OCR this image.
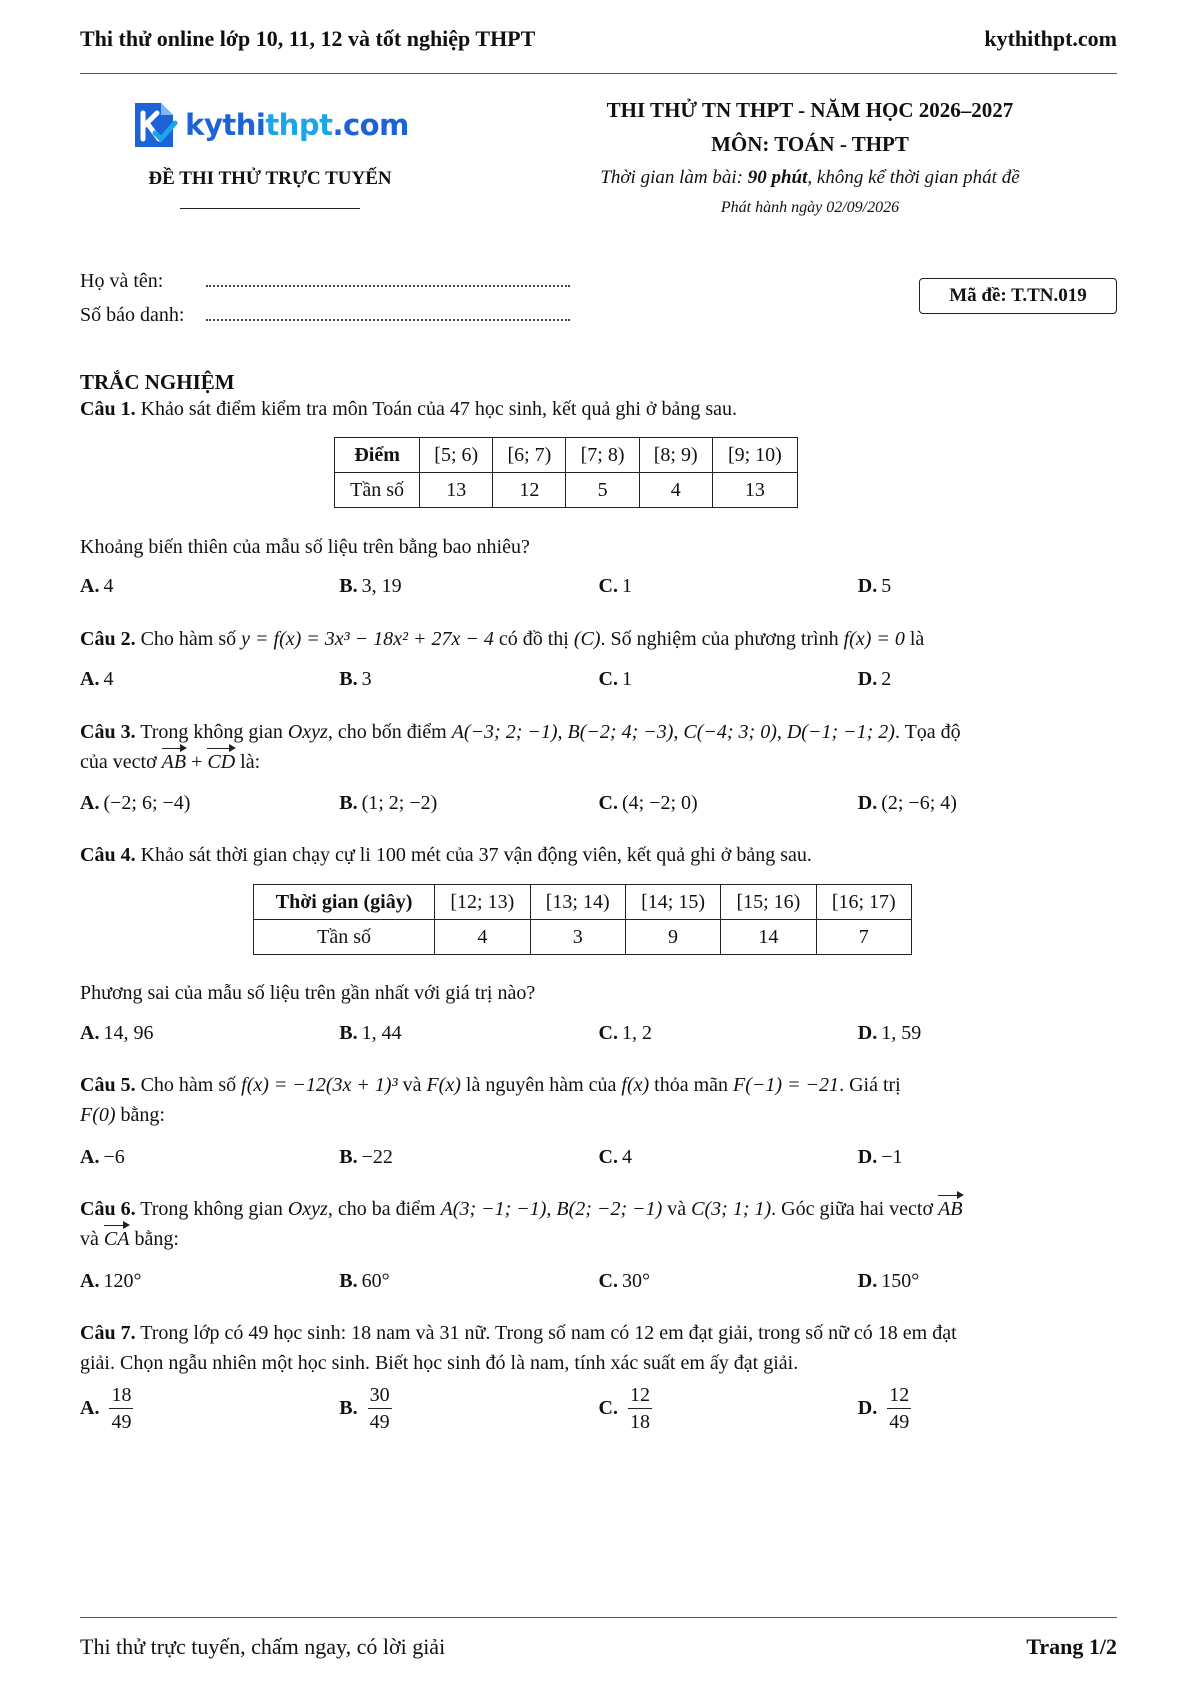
Thi thử online lớp 10, 11, 12 và tốt nghiệp THPT	kythithpt.com
kythithpt.com
ĐỀ THI THỬ TRỰC TUYẾN
THI THỬ TN THPT - NĂM HỌC 2026–2027
MÔN: TOÁN - THPT
Thời gian làm bài: 90 phút, không kể thời gian phát đề
Phát hành ngày 02/09/2026
Họ và tên:
Số báo danh:
Mã đề: T.TN.019
TRẮC NGHIỆM
Câu 1. Khảo sát điểm kiểm tra môn Toán của 47 học sinh, kết quả ghi ở bảng sau.
Điểm	[5; 6)	[6; 7)	[7; 8)	[8; 9)	[9; 10)
Tần số	13	12	5	4	13
Khoảng biến thiên của mẫu số liệu trên bằng bao nhiêu?
A. 4	B. 3, 19	C. 1	D. 5
Câu 2. Cho hàm số y = f(x) = 3x³ − 18x² + 27x − 4 có đồ thị (C). Số nghiệm của phương trình f(x) = 0 là
A. 4	B. 3	C. 1	D. 2
Câu 3. Trong không gian Oxyz, cho bốn điểm A(−3; 2; −1), B(−2; 4; −3), C(−4; 3; 0), D(−1; −1; 2). Tọa độ
của vectơ AB + CD là:
A. (−2; 6; −4)	B. (1; 2; −2)	C. (4; −2; 0)	D. (2; −6; 4)
Câu 4. Khảo sát thời gian chạy cự li 100 mét của 37 vận động viên, kết quả ghi ở bảng sau.
Thời gian (giây)	[12; 13)	[13; 14)	[14; 15)	[15; 16)	[16; 17)
Tần số	4	3	9	14	7
Phương sai của mẫu số liệu trên gần nhất với giá trị nào?
A. 14, 96	B. 1, 44	C. 1, 2	D. 1, 59
Câu 5. Cho hàm số f(x) = −12(3x + 1)³ và F(x) là nguyên hàm của f(x) thỏa mãn F(−1) = −21. Giá trị
F(0) bằng:
A. −6	B. −22	C. 4	D. −1
Câu 6. Trong không gian Oxyz, cho ba điểm A(3; −1; −1), B(2; −2; −1) và C(3; 1; 1). Góc giữa hai vectơ AB
và CA bằng:
A. 120°	B. 60°	C. 30°	D. 150°
Câu 7. Trong lớp có 49 học sinh: 18 nam và 31 nữ. Trong số nam có 12 em đạt giải, trong số nữ có 18 em đạt
giải. Chọn ngẫu nhiên một học sinh. Biết học sinh đó là nam, tính xác suất em ấy đạt giải.
A. $\frac{18}{49}$	B. $\frac{30}{49}$	C. $\frac{12}{18}$	D. $\frac{12}{49}$
Thi thử trực tuyến, chấm ngay, có lời giải	Trang 1/2
